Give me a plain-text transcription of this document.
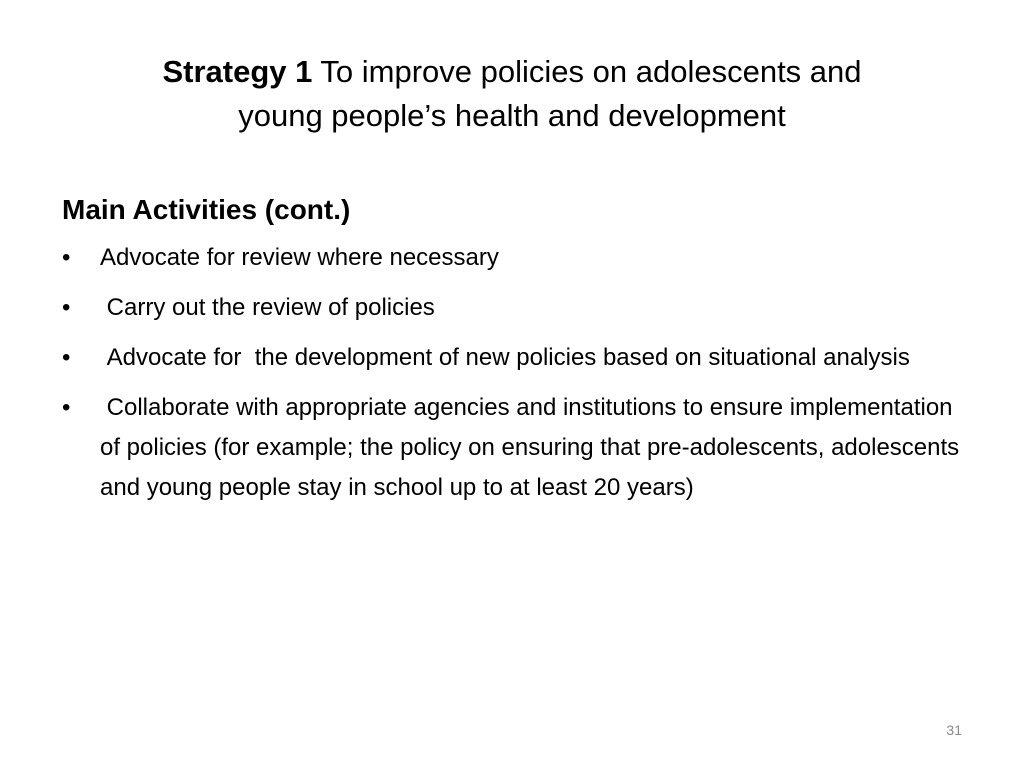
Strategy 1 To improve policies on adolescents and
young people’s health and development
Main Activities (cont.)
•	Advocate for review where necessary
•	Carry out the review of policies
•	Advocate for  the development of new policies based on situational analysis
•	Collaborate with appropriate agencies and institutions to ensure implementation of policies (for example; the policy on ensuring that pre-adolescents, adolescents and young people stay in school up to at least 20 years)
31
